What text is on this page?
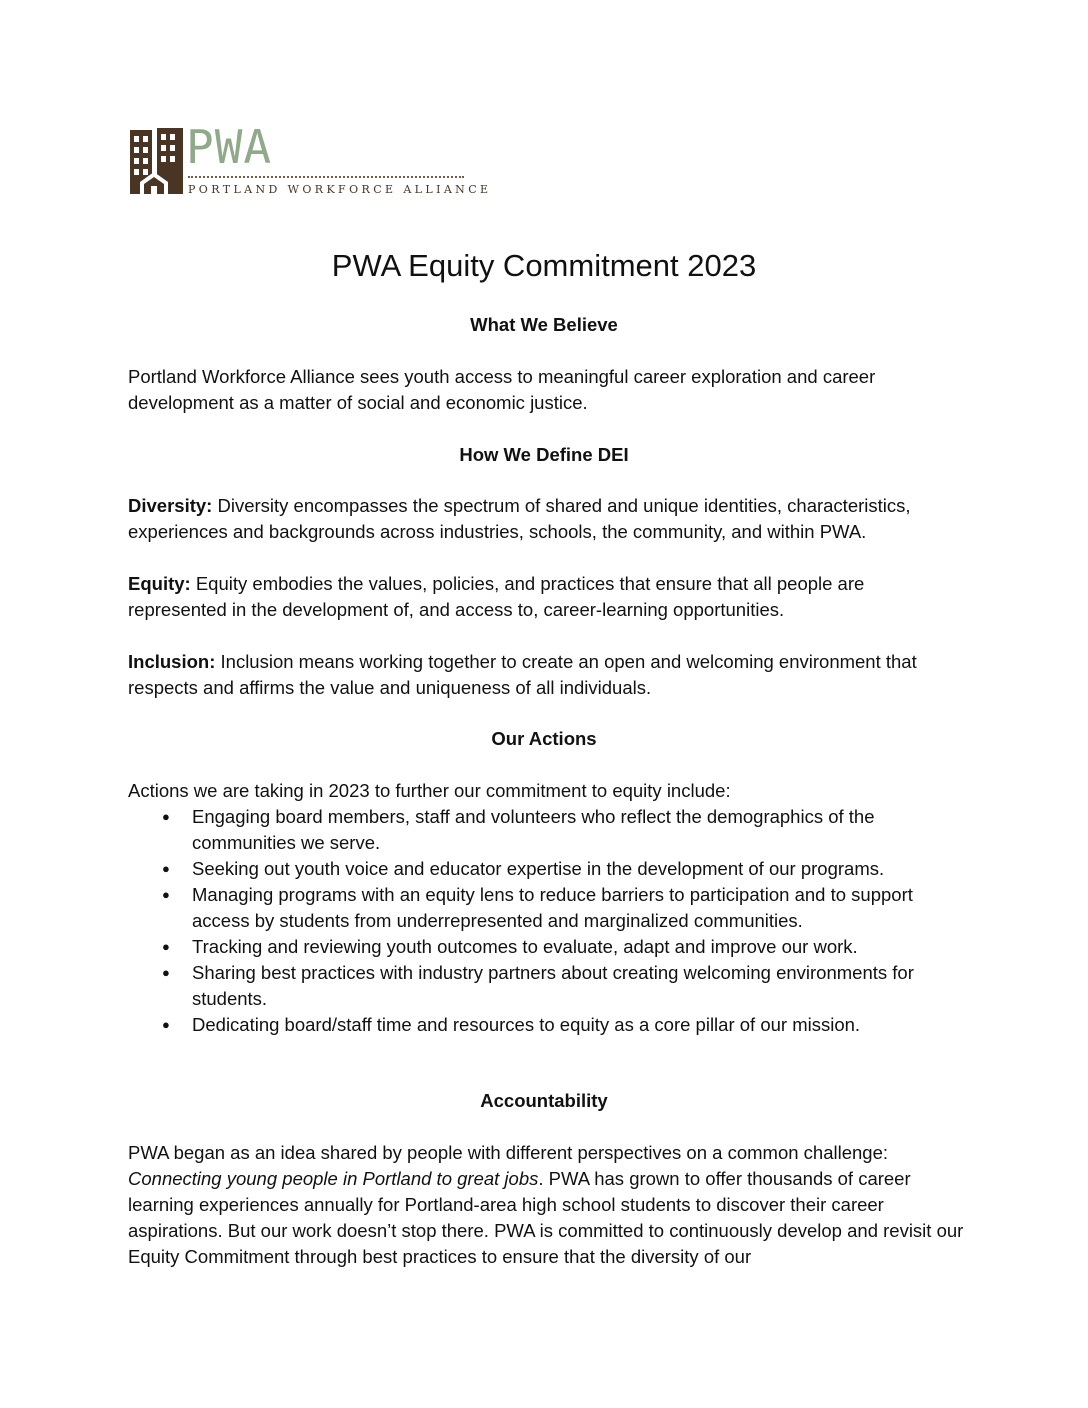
PWA
PORTLAND WORKFORCE ALLIANCE
PWA Equity Commitment 2023
What We Believe

Portland Workforce Alliance sees youth access to meaningful career exploration and career development as a matter of social and economic justice.

How We Define DEI

Diversity: Diversity encompasses the spectrum of shared and unique identities, characteristics, experiences and backgrounds across industries, schools, the community, and within PWA.

Equity: Equity embodies the values, policies, and practices that ensure that all people are represented in the development of, and access to, career-learning opportunities.

Inclusion: Inclusion means working together to create an open and welcoming environment that respects and affirms the value and uniqueness of all individuals.

Our Actions

Actions we are taking in 2023 to further our commitment to equity include:

● Engaging board members, staff and volunteers who reflect the demographics of the communities we serve.
● Seeking out youth voice and educator expertise in the development of our programs.
● Managing programs with an equity lens to reduce barriers to participation and to support access by students from underrepresented and marginalized communities.
● Tracking and reviewing youth outcomes to evaluate, adapt and improve our work.
● Sharing best practices with industry partners about creating welcoming environments for students.
● Dedicating board/staff time and resources to equity as a core pillar of our mission.
Accountability

PWA began as an idea shared by people with different perspectives on a common challenge: Connecting young people in Portland to great jobs. PWA has grown to offer thousands of career learning experiences annually for Portland-area high school students to discover their career aspirations. But our work doesn’t stop there. PWA is committed to continuously develop and revisit our Equity Commitment through best practices to ensure that the diversity of our
